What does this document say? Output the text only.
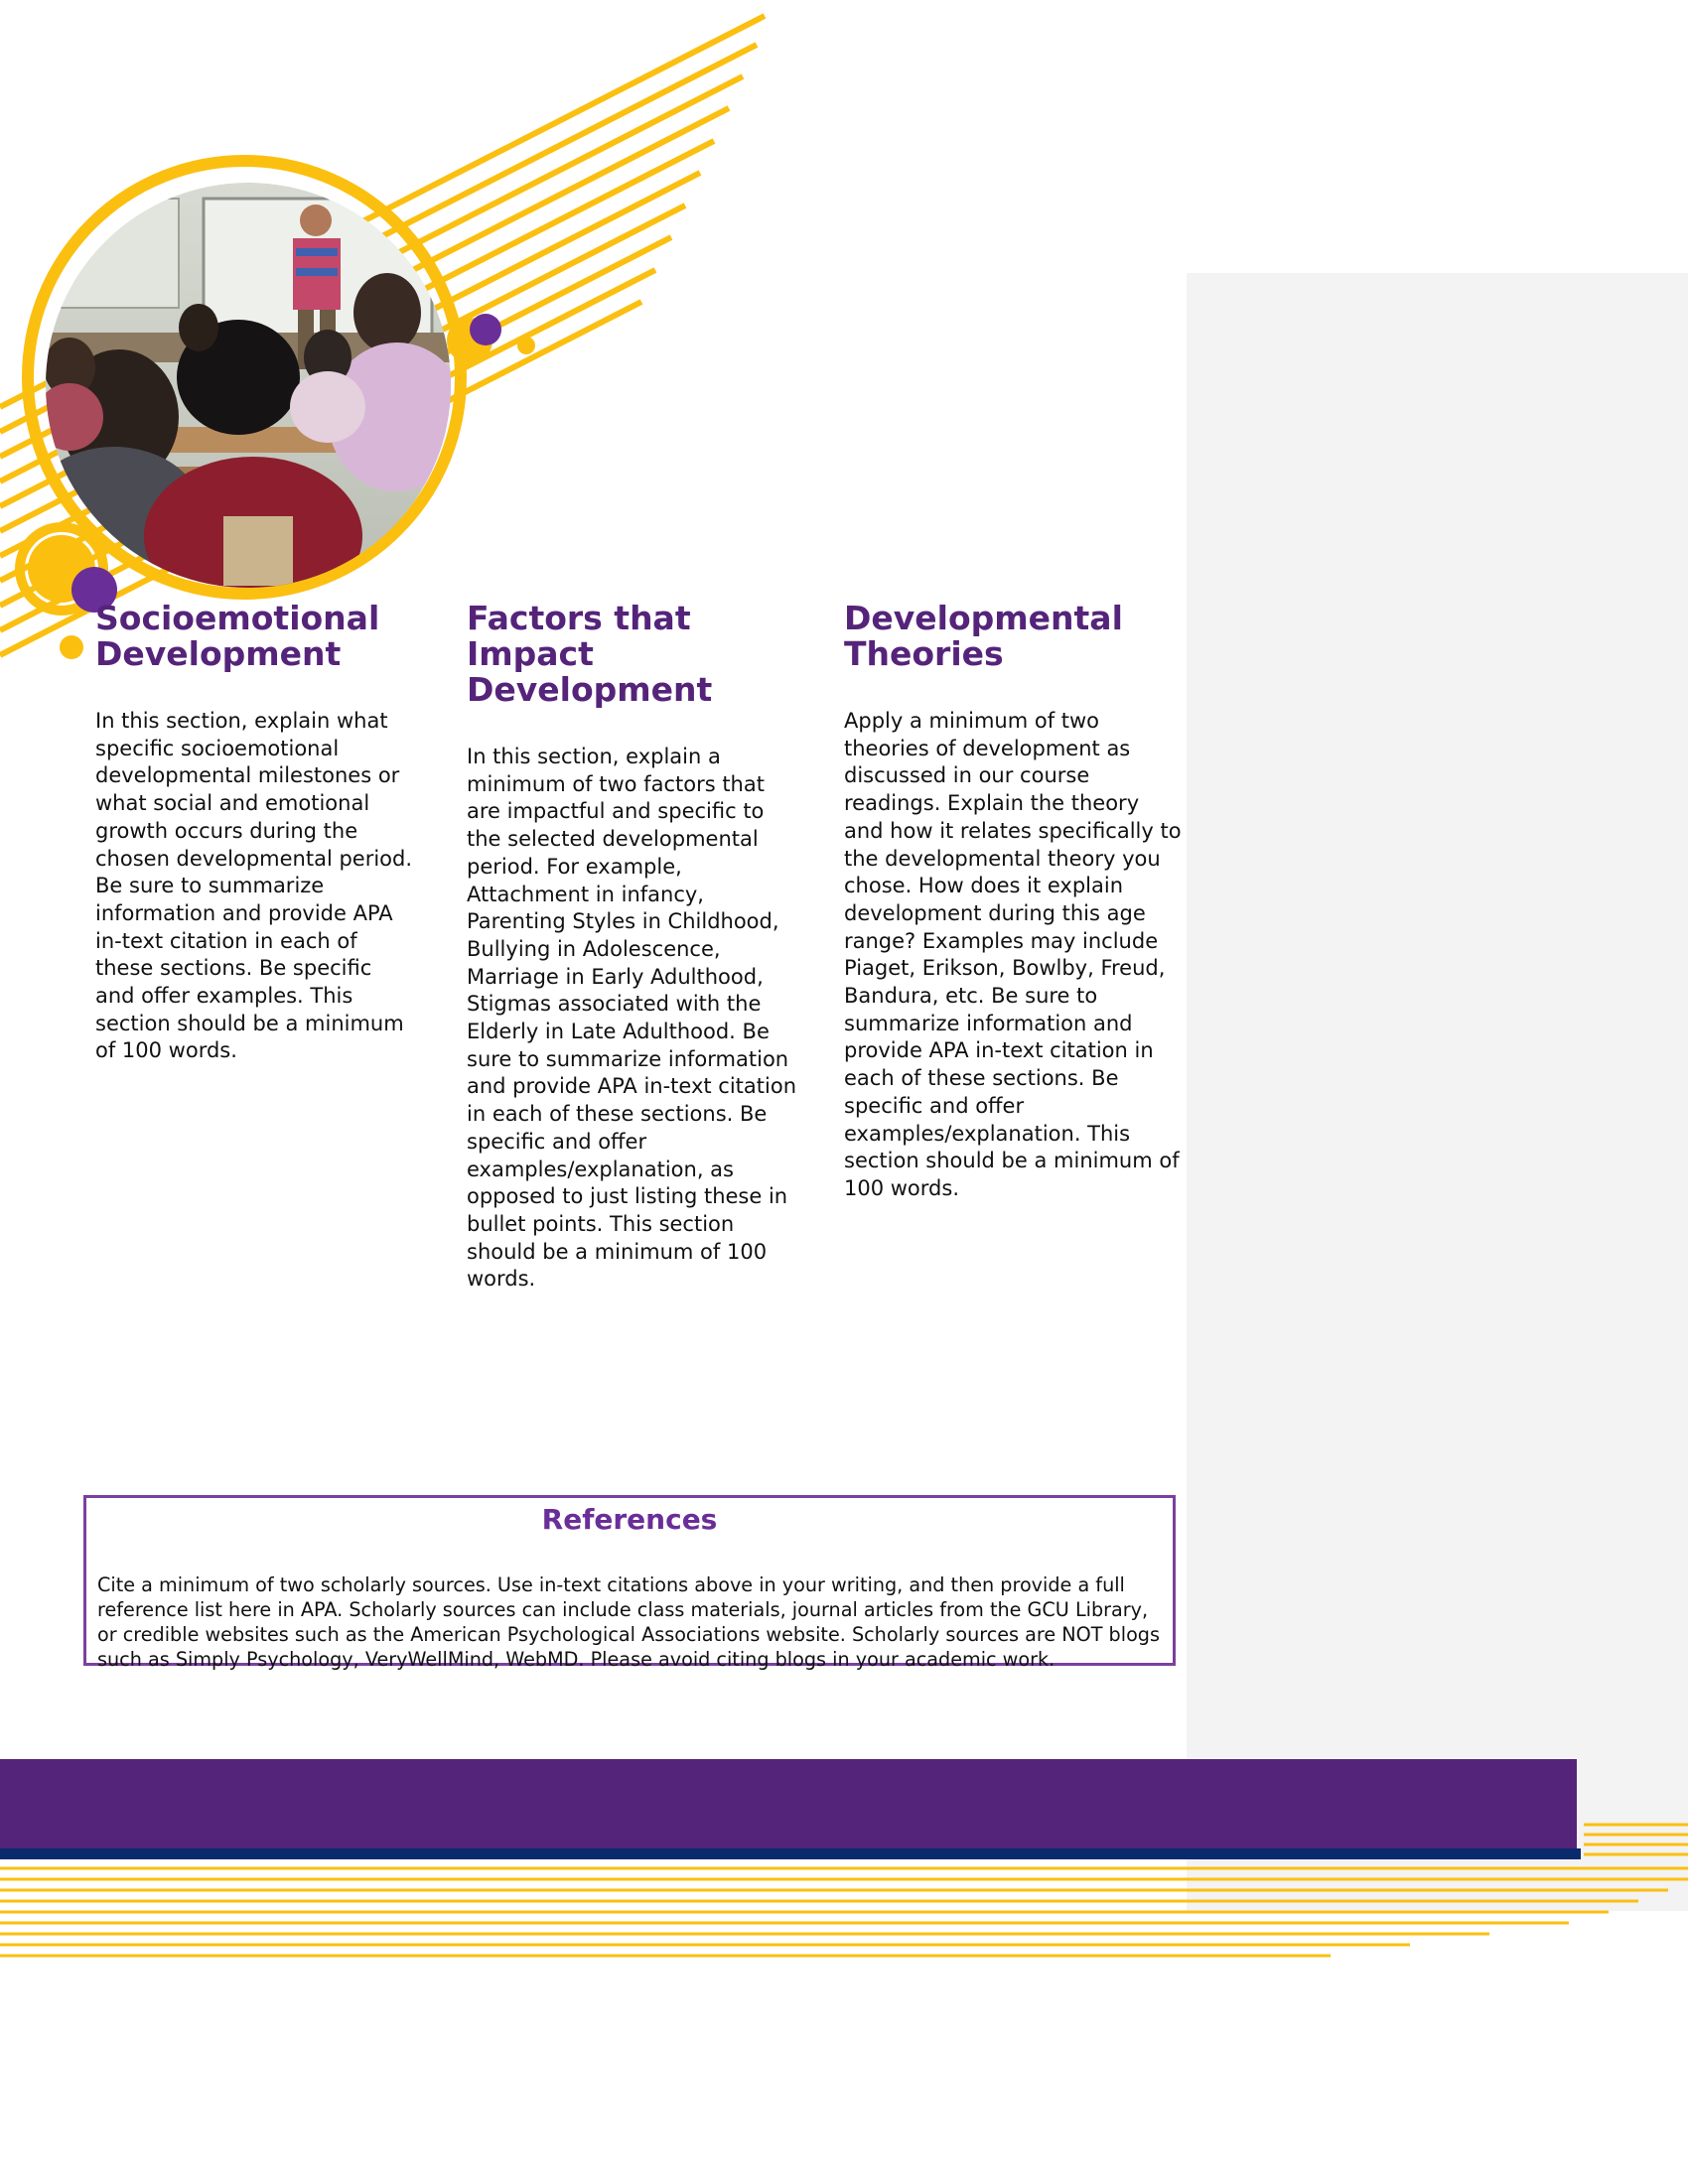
Socioemotional
Development

In this section, explain what specific socioemotional developmental milestones or what social and emotional growth occurs during the chosen developmental period. Be sure to summarize information and provide APA in-text citation in each of these sections. Be specific and offer examples. This section should be a minimum of 100 words.

Factors that
Impact
Development

In this section, explain a minimum of two factors that are impactful and specific to the selected developmental period. For example, Attachment in infancy, Parenting Styles in Childhood, Bullying in Adolescence, Marriage in Early Adulthood, Stigmas associated with the Elderly in Late Adulthood. Be sure to summarize information and provide APA in-text citation in each of these sections. Be specific and offer examples/explanation, as opposed to just listing these in bullet points. This section should be a minimum of 100 words.

Developmental
Theories

Apply a minimum of two theories of development as discussed in our course readings. Explain the theory and how it relates specifically to the developmental theory you chose. How does it explain development during this age range? Examples may include Piaget, Erikson, Bowlby, Freud, Bandura, etc. Be sure to summarize information and provide APA in-text citation in each of these sections. Be specific and offer examples/explanation. This section should be a minimum of 100 words.

References

Cite a minimum of two scholarly sources. Use in-text citations above in your writing, and then provide a full reference list here in APA. Scholarly sources can include class materials, journal articles from the GCU Library, or credible websites such as the American Psychological Associations website. Scholarly sources are NOT blogs such as Simply Psychology, VeryWellMind, WebMD. Please avoid citing blogs in your academic work.
